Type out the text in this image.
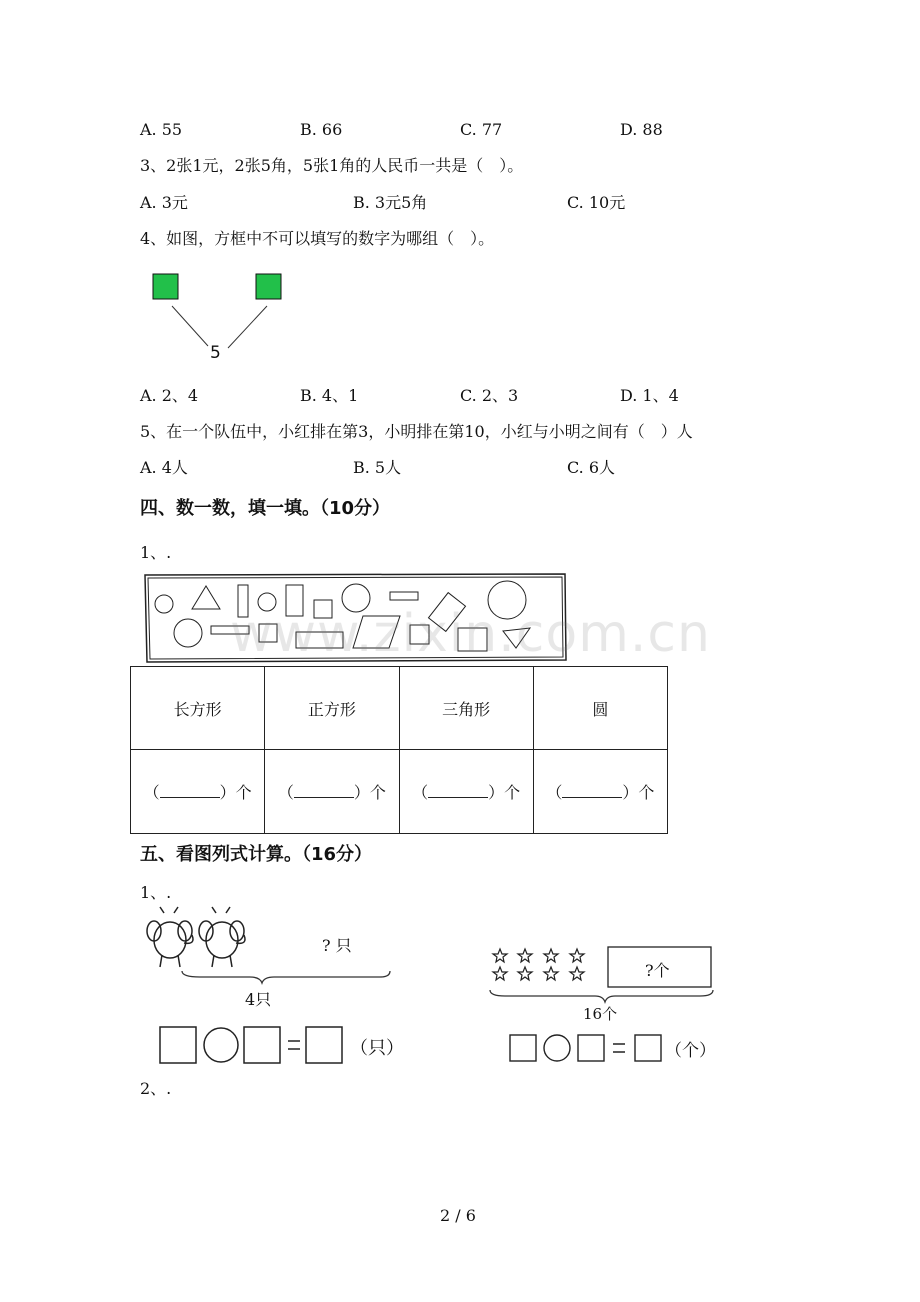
A. 55	B. 66	C. 77	D. 88
3、2张1元，2张5角，5张1角的人民币一共是（　）。
A. 3元	B. 3元5角	C. 10元
4、如图，方框中不可以填写的数字为哪组（　）。
5
A. 2、4	B. 4、1	C. 2、3	D. 1、4
5、在一个队伍中，小红排在第3，小明排在第10，小红与小明之间有（　）人
A. 4人	B. 5人	C. 6人
四、数一数，填一填。（10分）
1、.
www.zixin.com.cn
长方形	正方形	三角形	圆
（ ）个	（ ）个	（ ）个	（ ）个
五、看图列式计算。（16分）
1、.
? 只
4只
（只）
?个
16个
（个）
2、.
2 / 6
